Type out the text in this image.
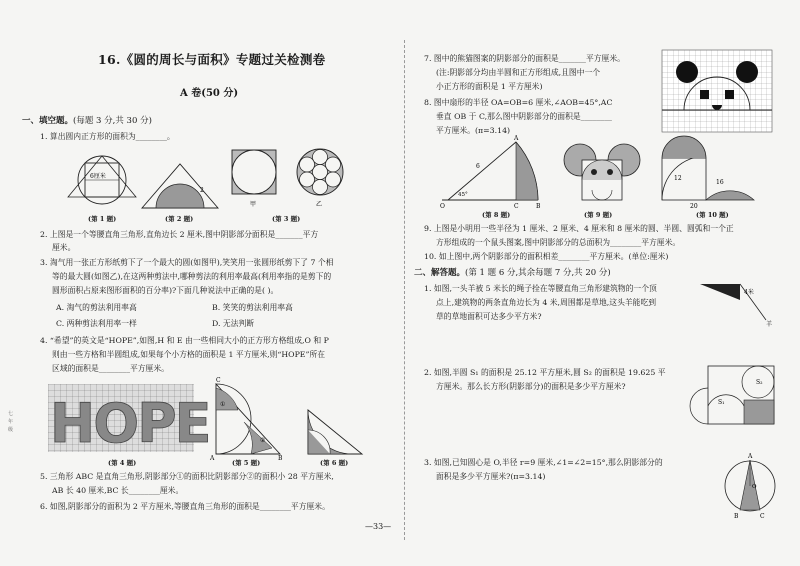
16.《圆的周长与面积》专题过关检测卷
A 卷(50 分)
一、填空题。(每题 3 分,共 30 分)
1. 算出圆内正方形的面积为________。
6厘米
2
甲	乙
(第 1 题)	(第 2 题)	(第 3 题)
2. 上图是一个等腰直角三角形,直角边长 2 厘米,图中阴影部分面积是_______平方
厘米。
3. 淘气用一张正方形纸剪下了一个最大的圆(如图甲),笑笑用一张圆形纸剪下了 7 个相
等的最大圆(如图乙),在这两种剪法中,哪种剪法的利用率最高(利用率指的是剪下的
圆形面积占原来图形面积的百分率)?下面几种说法中正确的是( )。
A. 淘气的剪法利用率高	B. 笑笑的剪法利用率高
C. 两种剪法利用率一样	D. 无法判断
4. “希望”的英文是“HOPE”,如图,H 和 E 由一些相同大小的正方形方格组成,O 和 P
则由一些方格和半圆组成,如果每个小方格的面积是 1 平方厘米,则“HOPE”所在
区域的面积是________平方厘米。
HOPE
C
①
②
A	B
(第 4 题)	(第 5 题)	(第 6 题)
5. 三角形 ABC 是直角三角形,阴影部分①的面积比阴影部分②的面积小 28 平方厘米,
AB 长 40 厘米,BC 长________厘米。
6. 如图,阴影部分的面积为 2 平方厘米,等腰直角三角形的面积是________平方厘米。
七年级
—33—
7. 图中的熊猫图案的阴影部分的面积是_______平方厘米。
(注:阴影部分均由半圆和正方形组成,且图中一个
小正方形的面积是 1 平方厘米)
8. 图中扇形的半径 OA=OB=6 厘米,∠AOB=45°,AC
垂直 OB 于 C,那么图中阴影部分的面积是________
平方厘米。(π=3.14)
A
6
45°
O	C	B
12
16
20
(第 8 题)	(第 9 题)	(第 10 题)
9. 上图是小明用一些半径为 1 厘米、2 厘米、4 厘米和 8 厘米的圆、半圆、圆弧和一个正
方形组成的一个鼠头图案,图中阴影部分的总面积为________平方厘米。
10. 如上图中,两个阴影部分的面积相差________平方厘米。(单位:厘米)
二、解答题。(第 1 题 6 分,其余每题 7 分,共 20 分)
1. 如图,一头羊被 5 米长的绳子拴在等腰直角三角形建筑物的一个顶
点上,建筑物的两条直角边长为 4 米,周围都是草地,这头羊能吃到
草的草地面积可达多少平方米?
4米
羊
2. 如图,半圆 S₁ 的面积是 25.12 平方厘米,圆 S₂ 的面积是 19.625 平
方厘米。那么长方形(阴影部分)的面积是多少平方厘米?	S₂
S₁
3. 如图,已知圆心是 O,半径 r=9 厘米,∠1=∠2=15°,那么阴影部分的
面积是多少平方厘米?(π=3.14)
A
O
B	C
